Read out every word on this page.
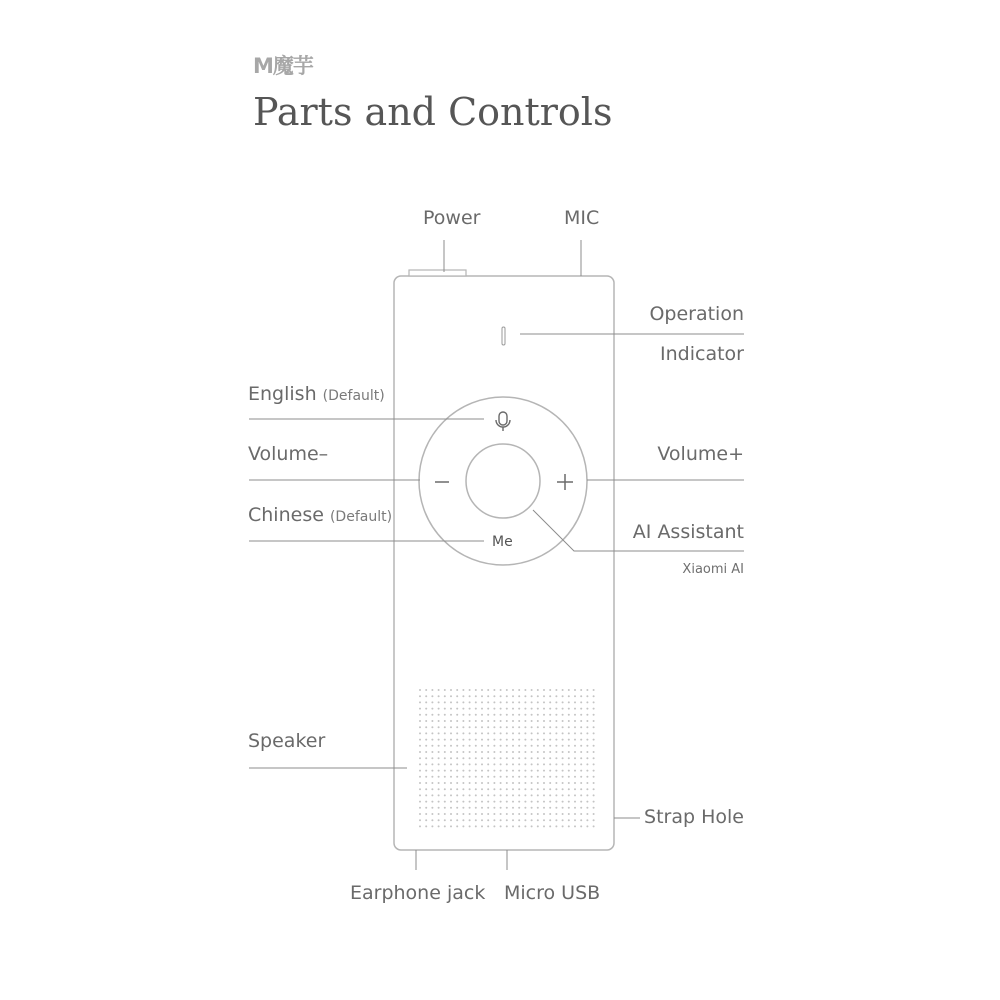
M魔芋
Parts and Controls
Power	MIC
Operation
Indicator
English (Default)
Volume–	Volume+
Chinese (Default)
AI Assistant
Xiaomi AI
Me
Speaker
Strap Hole
Earphone jack Micro USB
